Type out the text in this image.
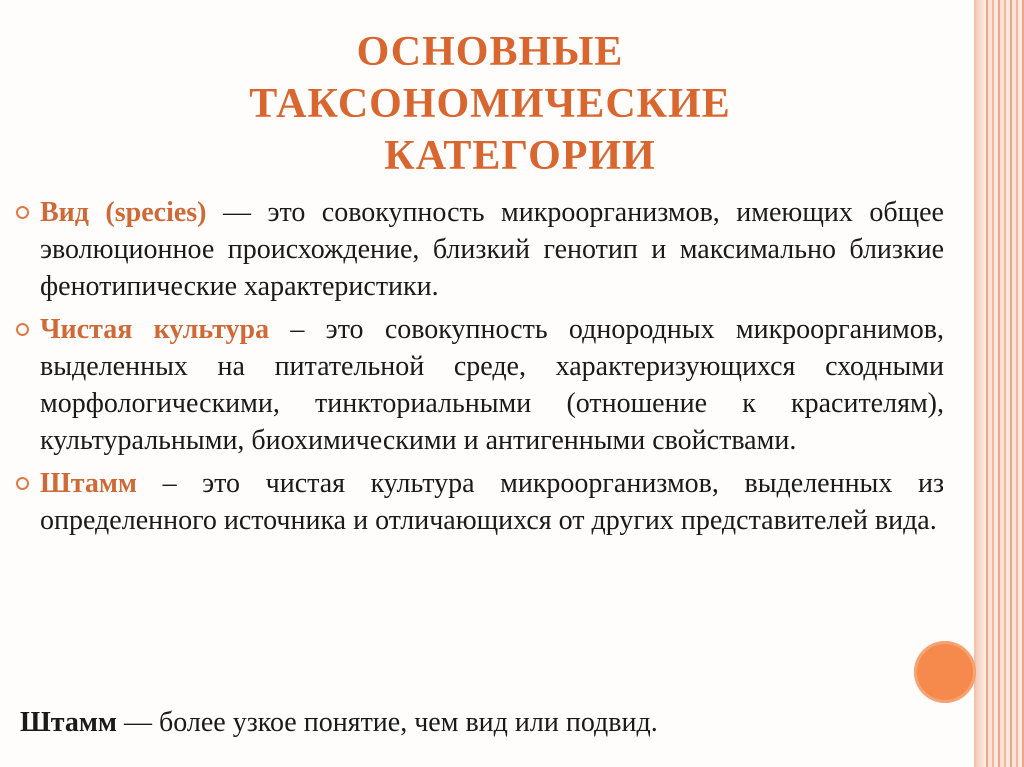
ОСНОВНЫЕ
ТАКСОНОМИЧЕСКИЕ
КАТЕГОРИИ
Вид (species) — это совокупность микроорганизмов, имеющих общее эволюционное происхождение, близкий генотип и максимально близкие фенотипические характеристики.
Чистая культура – это совокупность однородных микроорганимов, выделенных на питательной среде, характеризующихся сходными морфологическими, тинкториальными (отношение к красителям), культуральными, биохимическими и антигенными свойствами.
Штамм – это чистая культура микроорганизмов, выделенных из определенного источника и отличающихся от других представителей вида.
Штамм — более узкое понятие, чем вид или подвид.
